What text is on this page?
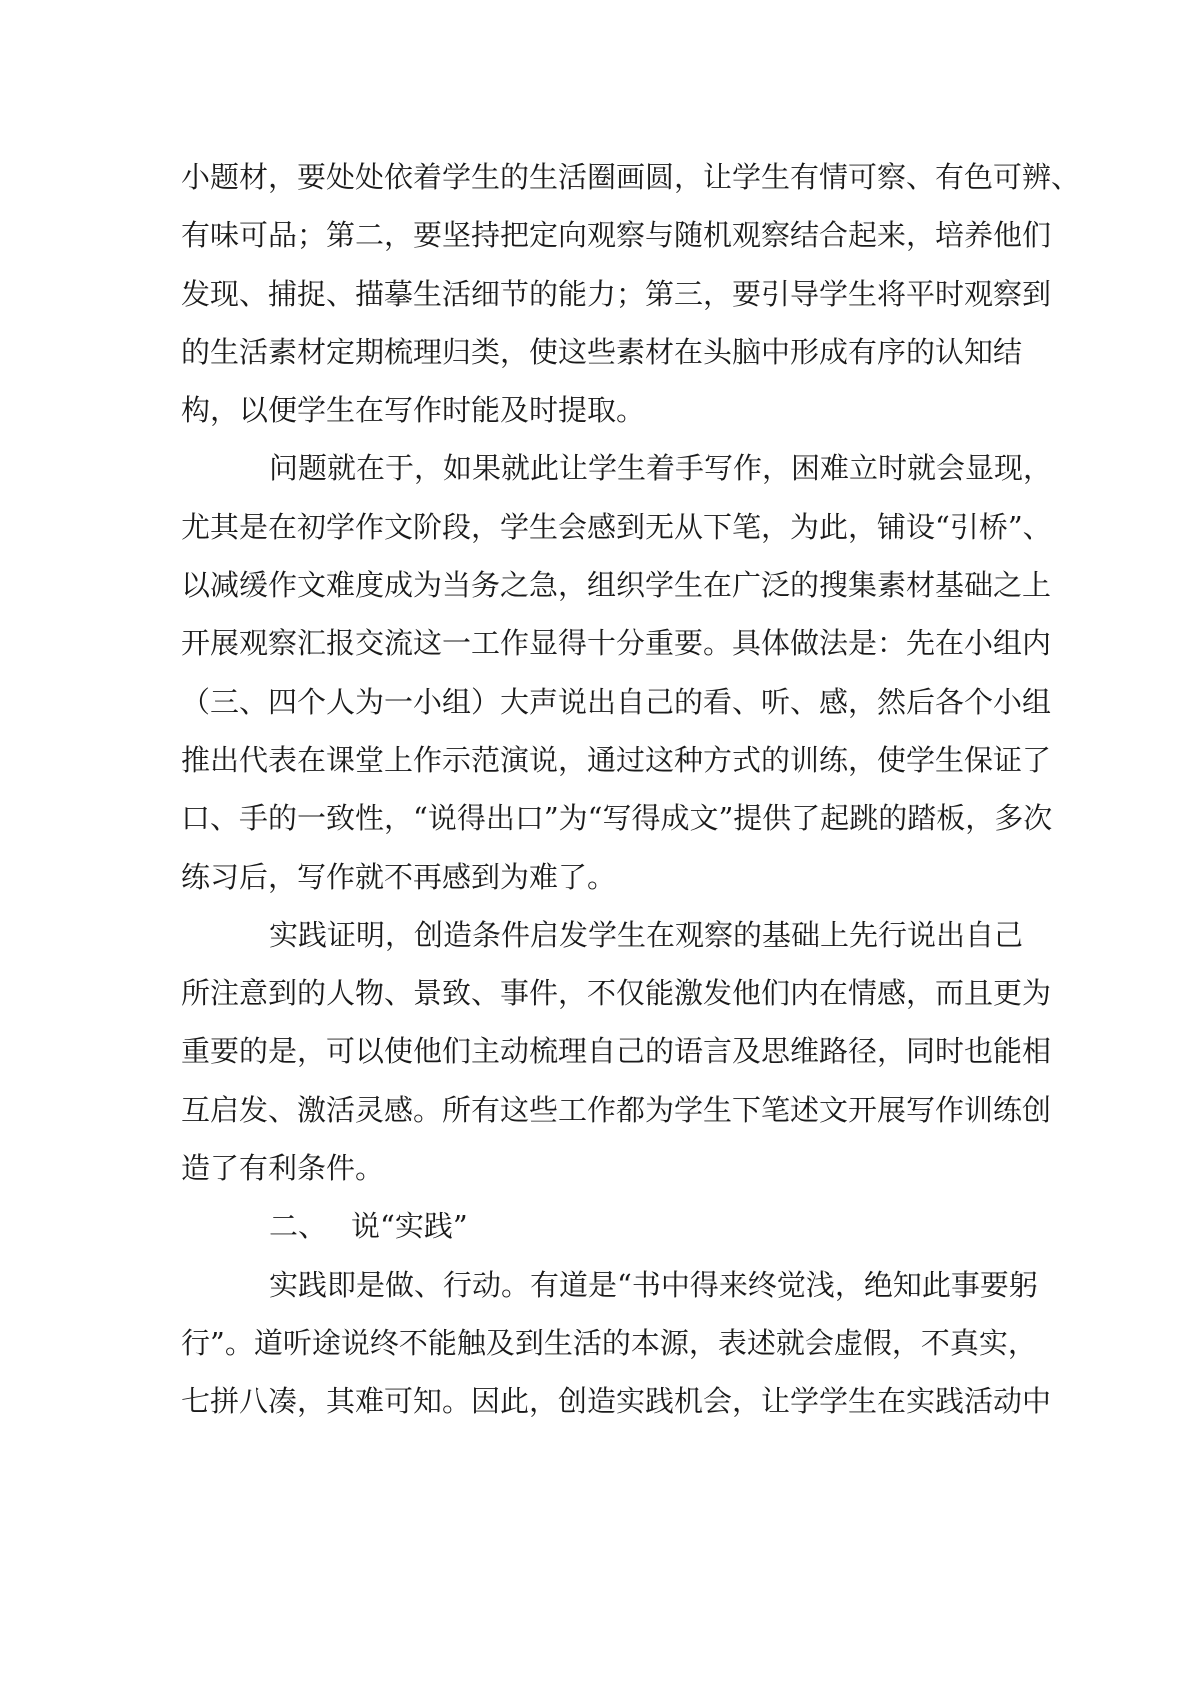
小题材，要处处依着学生的生活圈画圆，让学生有情可察、有色可辨、
有味可品；第二，要坚持把定向观察与随机观察结合起来，培养他们
发现、捕捉、描摹生活细节的能力；第三，要引导学生将平时观察到
的生活素材定期梳理归类，使这些素材在头脑中形成有序的认知结
构，以便学生在写作时能及时提取。
问题就在于，如果就此让学生着手写作，困难立时就会显现，
尤其是在初学作文阶段，学生会感到无从下笔，为此，铺设“引桥”、
以减缓作文难度成为当务之急，组织学生在广泛的搜集素材基础之上
开展观察汇报交流这一工作显得十分重要。具体做法是：先在小组内
（三、四个人为一小组）大声说出自己的看、听、感，然后各个小组
推出代表在课堂上作示范演说，通过这种方式的训练，使学生保证了
口、手的一致性，“说得出口”为“写得成文”提供了起跳的踏板，多次
练习后，写作就不再感到为难了。
实践证明，创造条件启发学生在观察的基础上先行说出自己
所注意到的人物、景致、事件，不仅能激发他们内在情感，而且更为
重要的是，可以使他们主动梳理自己的语言及思维路径，同时也能相
互启发、激活灵感。所有这些工作都为学生下笔述文开展写作训练创
造了有利条件。
二、 说“实践”
实践即是做、行动。有道是“书中得来终觉浅，绝知此事要躬
行”。道听途说终不能触及到生活的本源，表述就会虚假，不真实，
七拼八凑，其难可知。因此，创造实践机会，让学学生在实践活动中
